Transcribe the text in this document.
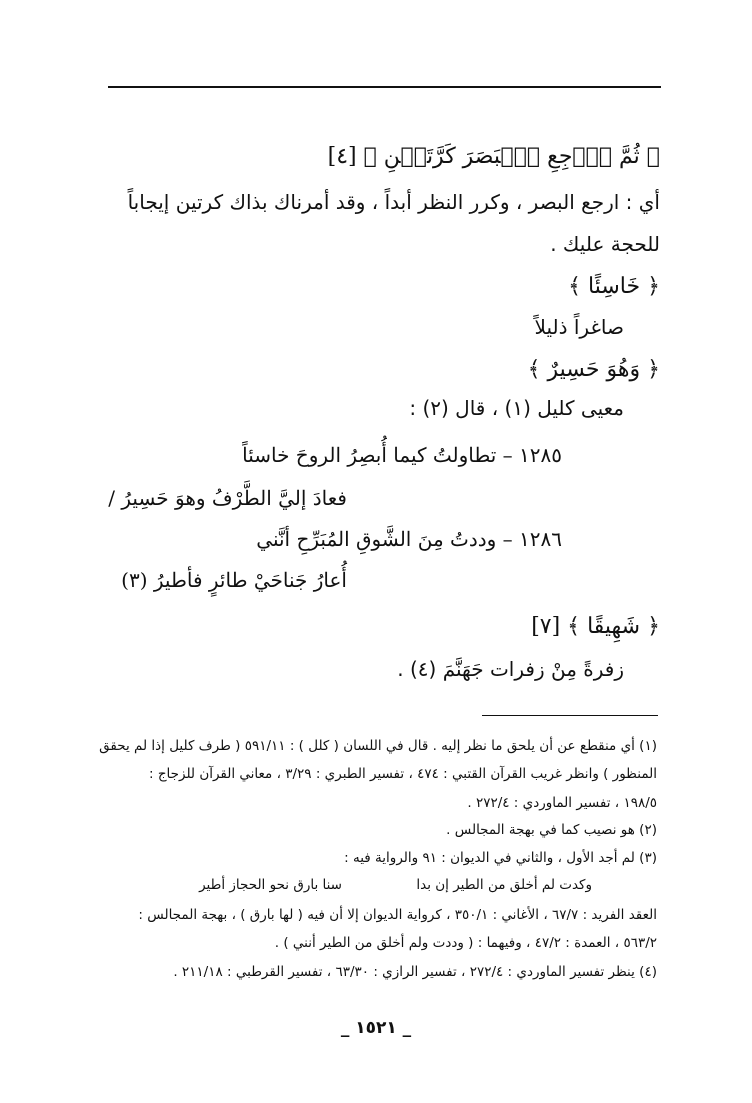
﴿ ثُمَّ ٱرۡجِعِ ٱلۡبَصَرَ كَرَّتَيۡنِ ﴾ [٤]
أي : ارجع البصر ، وكرر النظر أبداً ، وقد أمرناك بذاك كرتين إيجاباً
للحجة عليك .
﴿ خَاسِئًا ﴾
صاغراً ذليلاً
﴿ وَهُوَ حَسِيرٌ ﴾
معيى كليل (١) ، قال (٢) :
١٢٨٥ – تطاولتُ كيما أُبصِرُ الروحَ خاسئاً
فعادَ إليَّ الطَّرْفُ وهوَ حَسِيرُ /
١٢٨٦ – وددتُ مِنَ الشَّوقِ المُبَرِّحِ أنَّني
أُعارُ جَناحَيْ طائرٍ فأطيرُ (٣)
﴿ شَهِيقًا ﴾ [٧]
زفرةً مِنْ زفرات جَهَنَّمَ (٤) .
(١) أي منقطع عن أن يلحق ما نظر إليه . قال في اللسان ( كلل ) : ٥٩١/١١ ( طرف كليل إذا لم يحقق
المنظور ) وانظر غريب القرآن القتبي : ٤٧٤ ، تفسير الطبري : ٣/٢٩ ، معاني القرآن للزجاج :
١٩٨/٥ ، تفسير الماوردي : ٢٧٢/٤ .
(٢) هو نصيب كما في بهجة المجالس .
(٣) لم أجد الأول ، والثاني في الديوان : ٩١ والرواية فيه :
وكدت لم أخلق من الطير إن بدا
سنا بارق نحو الحجاز أطير
العقد الفريد : ٦٧/٧ ، الأغاني : ٣٥٠/١ ، كرواية الديوان إلا أن فيه ( لها بارق ) ، بهجة المجالس :
٥٦٣/٢ ، العمدة : ٤٧/٢ ، وفيهما : ( وددت ولم أخلق من الطير أنني ) .
(٤) ينظر تفسير الماوردي : ٢٧٢/٤ ، تفسير الرازي : ٦٣/٣٠ ، تفسير القرطبي : ٢١١/١٨ .
_ ١٥٢١ _
